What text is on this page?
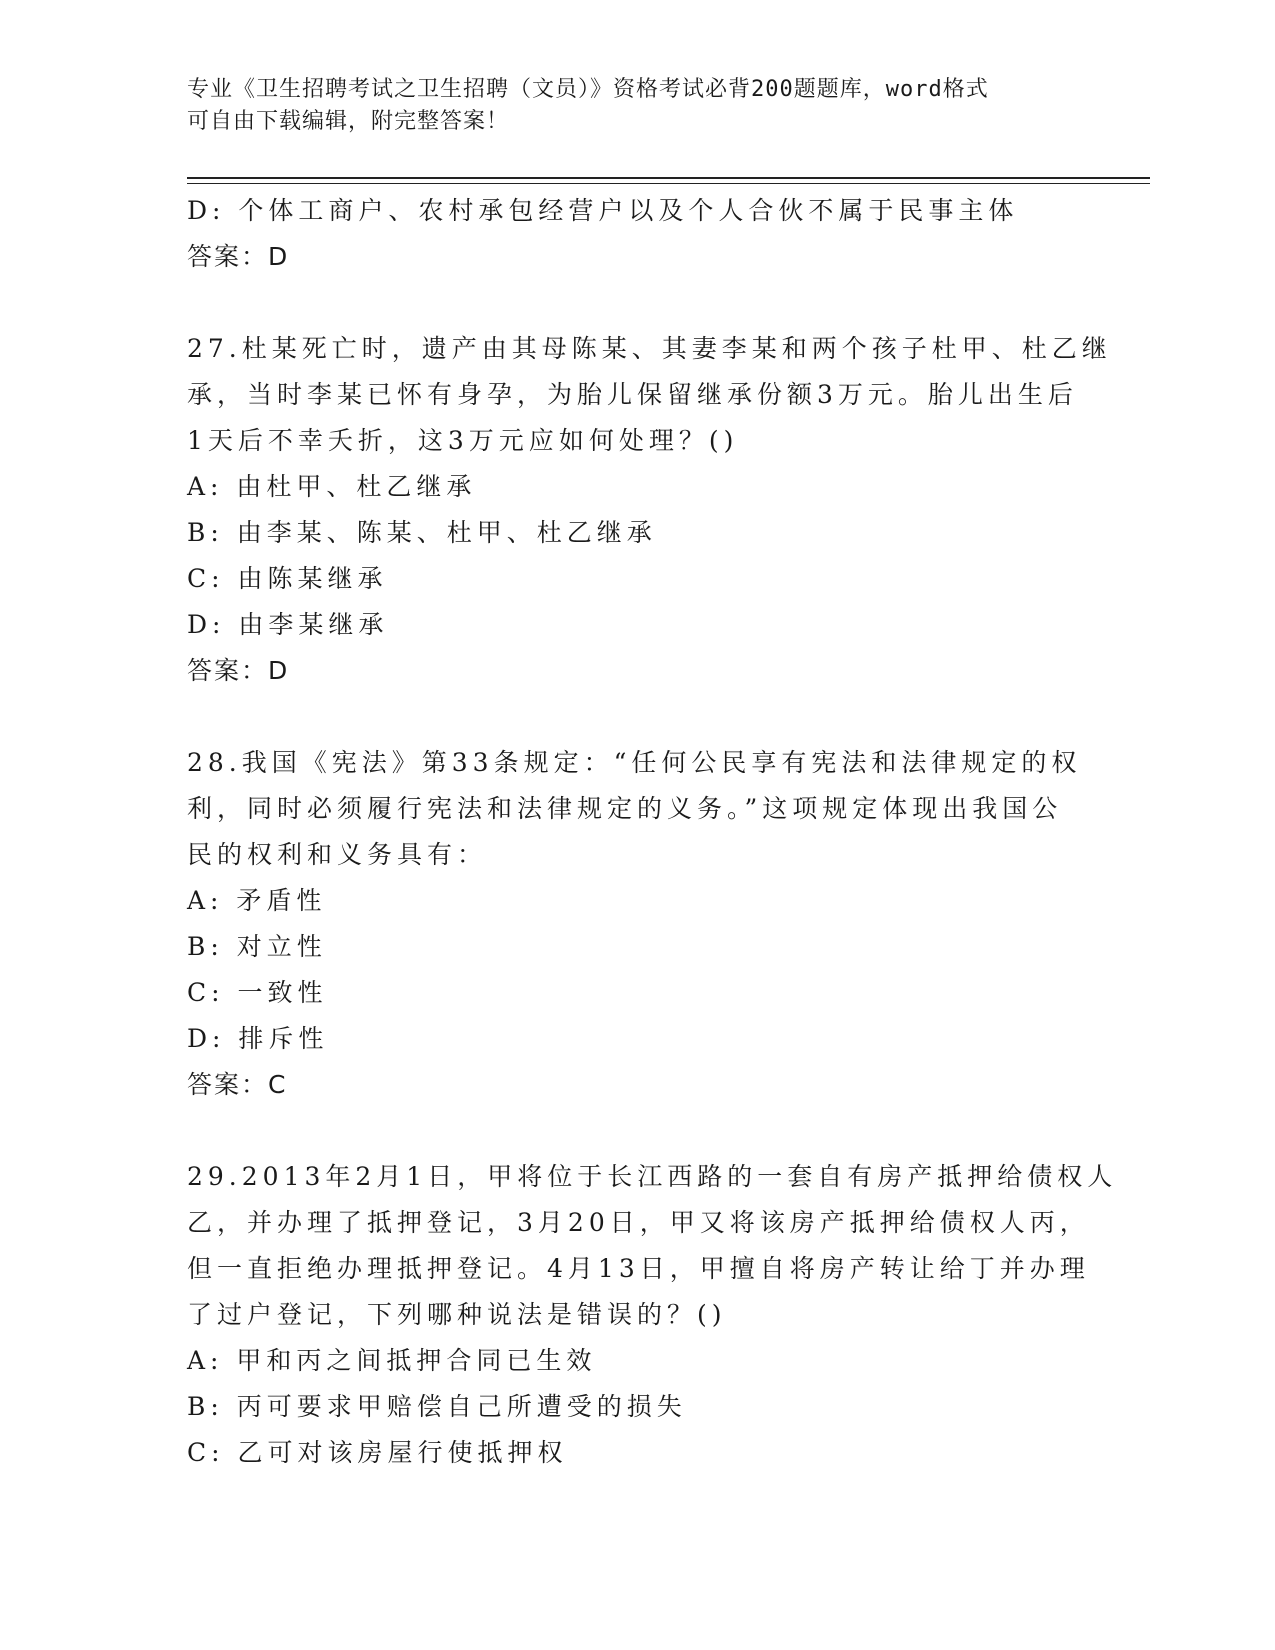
专业《卫生招聘考试之卫生招聘（文员）》资格考试必背200题题库，word格式
可自由下载编辑，附完整答案！
D: 个体工商户、农村承包经营户以及个人合伙不属于民事主体
答案：D
27.杜某死亡时，遗产由其母陈某、其妻李某和两个孩子杜甲、杜乙继
承，当时李某已怀有身孕，为胎儿保留继承份额3万元。胎儿出生后
1天后不幸夭折，这3万元应如何处理？()
A: 由杜甲、杜乙继承
B: 由李某、陈某、杜甲、杜乙继承
C: 由陈某继承
D: 由李某继承
答案：D
28.我国《宪法》第33条规定：“任何公民享有宪法和法律规定的权
利，同时必须履行宪法和法律规定的义务。”这项规定体现出我国公
民的权利和义务具有：
A: 矛盾性
B: 对立性
C: 一致性
D: 排斥性
答案：C
29.2013年2月1日，甲将位于长江西路的一套自有房产抵押给债权人
乙，并办理了抵押登记，3月20日，甲又将该房产抵押给债权人丙，
但一直拒绝办理抵押登记。4月13日，甲擅自将房产转让给丁并办理
了过户登记，下列哪种说法是错误的？()
A: 甲和丙之间抵押合同已生效
B: 丙可要求甲赔偿自己所遭受的损失
C: 乙可对该房屋行使抵押权
